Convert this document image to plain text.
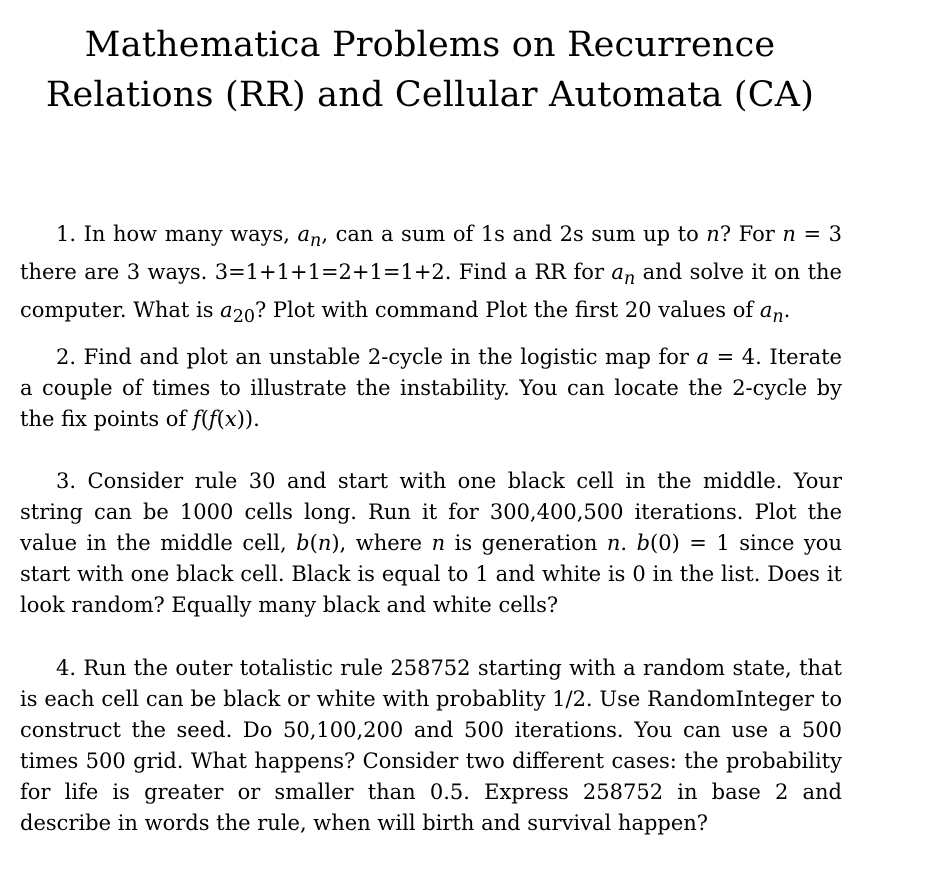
Mathematica Problems on Recurrence Relations (RR) and Cellular Automata (CA)

1. In how many ways, $a_n$, can a sum of 1s and 2s sum up to n? For n = 3 there are 3 ways. 3=1+1+1=2+1=1+2. Find a RR for $a_n$ and solve it on the computer. What is $a_{20}$? Plot with command Plot the first 20 values of $a_n$.

2. Find and plot an unstable 2-cycle in the logistic map for a = 4. Iterate a couple of times to illustrate the instability. You can locate the 2-cycle by the fix points of f(f(x)).

3. Consider rule 30 and start with one black cell in the middle. Your string can be 1000 cells long. Run it for 300,400,500 iterations. Plot the value in the middle cell, b(n), where n is generation n. b(0) = 1 since you start with one black cell. Black is equal to 1 and white is 0 in the list. Does it look random? Equally many black and white cells?

4. Run the outer totalistic rule 258752 starting with a random state, that is each cell can be black or white with probablity 1/2. Use RandomInteger to construct the seed. Do 50,100,200 and 500 iterations. You can use a 500 times 500 grid. What happens? Consider two different cases: the probability for life is greater or smaller than 0.5. Express 258752 in base 2 and describe in words the rule, when will birth and survival happen?
